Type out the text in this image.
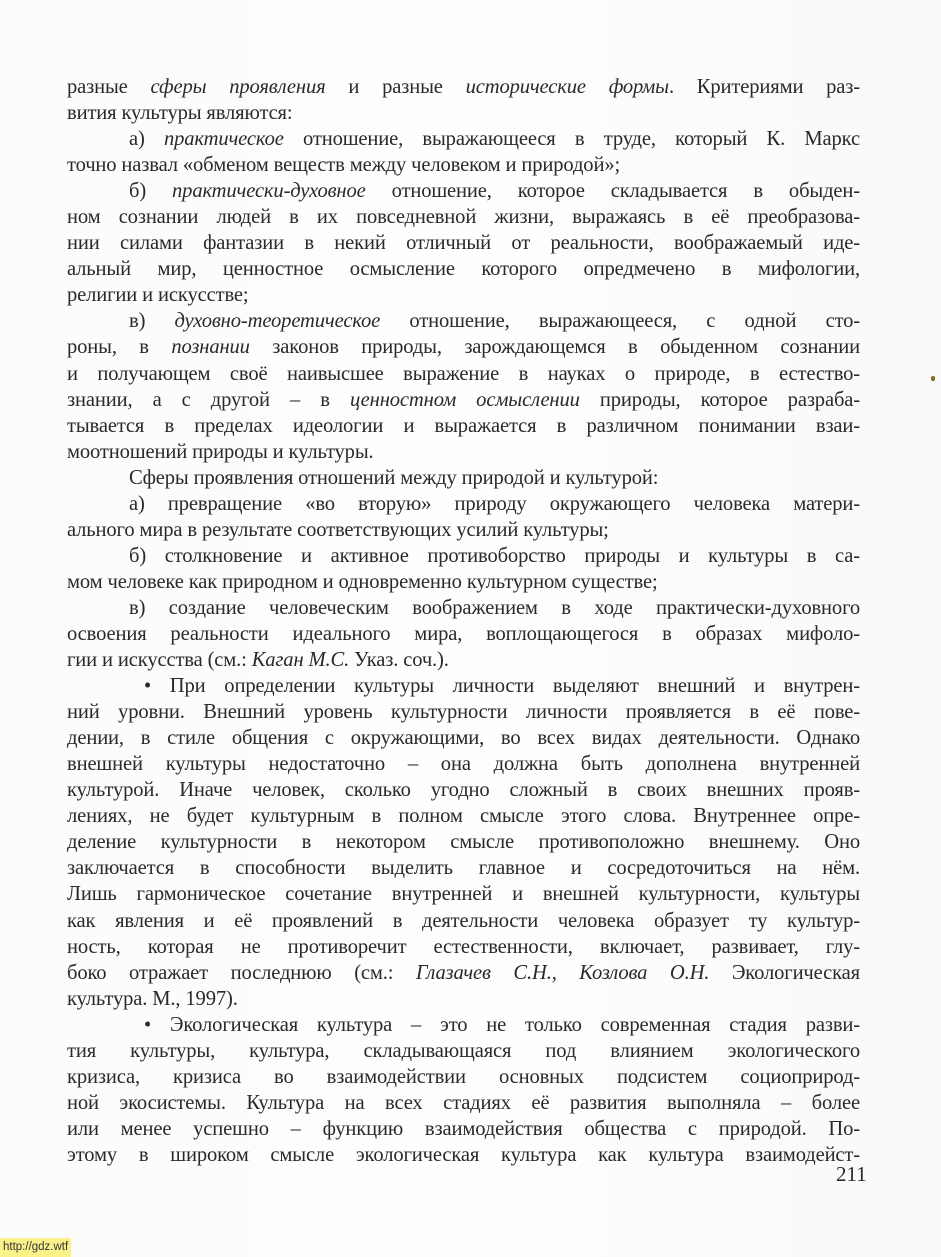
разные сферы проявления и разные исторические формы. Критериями раз-
вития культуры являются:
а) практическое отношение, выражающееся в труде, который К. Маркс
точно назвал «обменом веществ между человеком и природой»;
б) практически-духовное отношение, которое складывается в обыден-
ном сознании людей в их повседневной жизни, выражаясь в её преобразова-
нии силами фантазии в некий отличный от реальности, воображаемый иде-
альный мир, ценностное осмысление которого опредмечено в мифологии,
религии и искусстве;
в) духовно-теоретическое отношение, выражающееся, с одной сто-
роны, в познании законов природы, зарождающемся в обыденном сознании
и получающем своё наивысшее выражение в науках о природе, в естество-
знании, а с другой – в ценностном осмыслении природы, которое разраба-
тывается в пределах идеологии и выражается в различном понимании взаи-
моотношений природы и культуры.
Сферы проявления отношений между природой и культурой:
а) превращение «во вторую» природу окружающего человека матери-
ального мира в результате соответствующих усилий культуры;
б) столкновение и активное противоборство природы и культуры в са-
мом человеке как природном и одновременно культурном существе;
в) создание человеческим воображением в ходе практически-духовного
освоения реальности идеального мира, воплощающегося в образах мифоло-
гии и искусства (см.: Каган М.С. Указ. соч.).
• При определении культуры личности выделяют внешний и внутрен-
ний уровни. Внешний уровень культурности личности проявляется в её пове-
дении, в стиле общения с окружающими, во всех видах деятельности. Однако
внешней культуры недостаточно – она должна быть дополнена внутренней
культурой. Иначе человек, сколько угодно сложный в своих внешних прояв-
лениях, не будет культурным в полном смысле этого слова. Внутреннее опре-
деление культурности в некотором смысле противоположно внешнему. Оно
заключается в способности выделить главное и сосредоточиться на нём.
Лишь гармоническое сочетание внутренней и внешней культурности, культуры
как явления и её проявлений в деятельности человека образует ту культур-
ность, которая не противоречит естественности, включает, развивает, глу-
боко отражает последнюю (см.: Глазачев С.Н., Козлова О.Н. Экологическая
культура. М., 1997).
• Экологическая культура – это не только современная стадия разви-
тия культуры, культура, складывающаяся под влиянием экологического
кризиса, кризиса во взаимодействии основных подсистем социоприрод-
ной экосистемы. Культура на всех стадиях её развития выполняла – более
или менее успешно – функцию взаимодействия общества с природой. По-
этому в широком смысле экологическая культура как культура взаимодейст-
211
http://gdz.wtf
